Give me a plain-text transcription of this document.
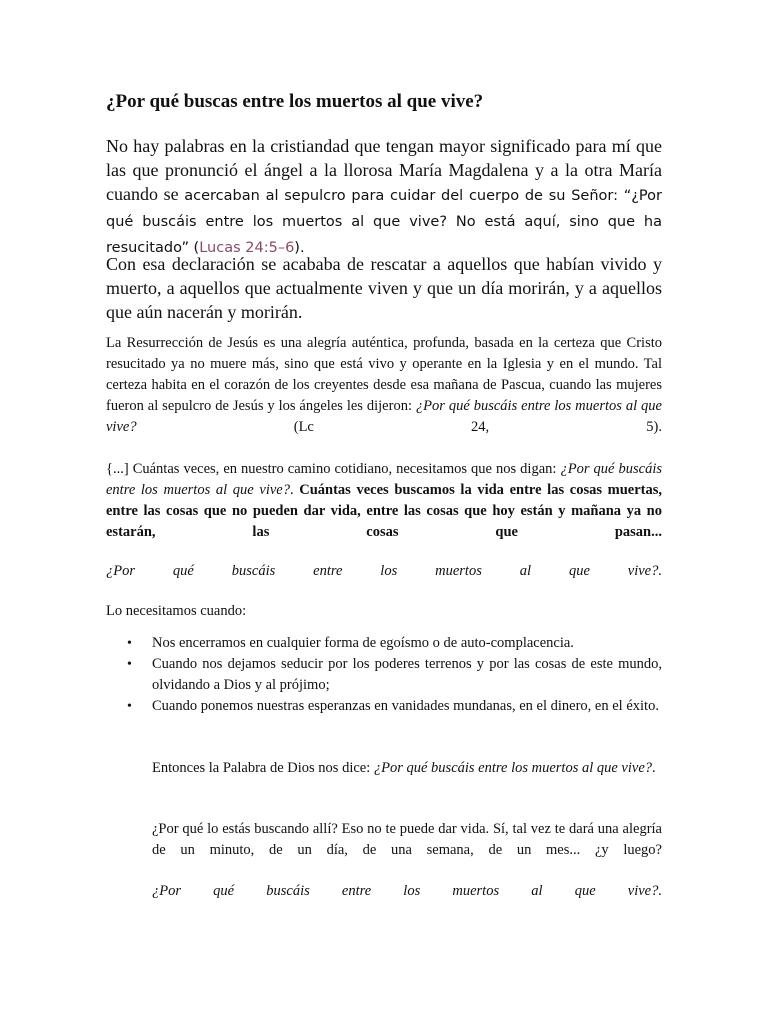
¿Por qué buscas entre los muertos al que vive?

No hay palabras en la cristiandad que tengan mayor significado para mí que las que pronunció el ángel a la llorosa María Magdalena y a la otra María cuando se acercaban al sepulcro para cuidar del cuerpo de su Señor: “¿Por qué buscáis entre los muertos al que vive? No está aquí, sino que ha resucitado” (Lucas 24:5–6).

Con esa declaración se acababa de rescatar a aquellos que habían vivido y muerto, a aquellos que actualmente viven y que un día morirán, y a aquellos que aún nacerán y morirán.

La Resurrección de Jesús es una alegría auténtica, profunda, basada en la certeza que Cristo resucitado ya no muere más, sino que está vivo y operante en la Iglesia y en el mundo. Tal certeza habita en el corazón de los creyentes desde esa mañana de Pascua, cuando las mujeres fueron al sepulcro de Jesús y los ángeles les dijeron: ¿Por qué buscáis entre los muertos al que vive? (Lc 24, 5).

{...] Cuántas veces, en nuestro camino cotidiano, necesitamos que nos digan: ¿Por qué buscáis entre los muertos al que vive?. Cuántas veces buscamos la vida entre las cosas muertas, entre las cosas que no pueden dar vida, entre las cosas que hoy están y mañana ya no estarán, las cosas que pasan...

¿Por qué buscáis entre los muertos al que vive?.

Lo necesitamos cuando:

• Nos encerramos en cualquier forma de egoísmo o de auto-complacencia.
• Cuando nos dejamos seducir por los poderes terrenos y por las cosas de este mundo, olvidando a Dios y al prójimo;
• Cuando ponemos nuestras esperanzas en vanidades mundanas, en el dinero, en el éxito.

Entonces la Palabra de Dios nos dice: ¿Por qué buscáis entre los muertos al que vive?.

¿Por qué lo estás buscando allí? Eso no te puede dar vida. Sí, tal vez te dará una alegría de un minuto, de un día, de una semana, de un mes... ¿y luego?

¿Por qué buscáis entre los muertos al que vive?.
